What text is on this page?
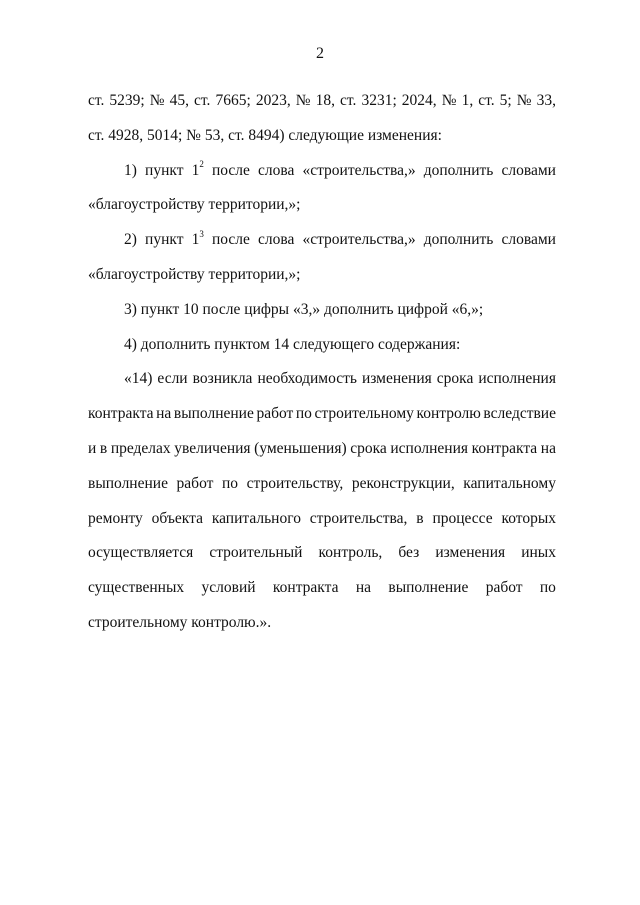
2
ст. 5239; № 45, ст. 7665; 2023, № 18, ст. 3231; 2024, № 1, ст. 5; № 33,
ст. 4928, 5014; № 53, ст. 8494) следующие изменения:
1) пункт $1^2$ после слова «строительства,» дополнить словами
«благоустройству территории,»;
2) пункт $1^3$ после слова «строительства,» дополнить словами
«благоустройству территории,»;
3) пункт 10 после цифры «3,» дополнить цифрой «6,»;
4) дополнить пунктом 14 следующего содержания:
«14) если возникла необходимость изменения срока исполнения
контракта на выполнение работ по строительному контролю вследствие
и в пределах увеличения (уменьшения) срока исполнения контракта на
выполнение работ по строительству, реконструкции, капитальному
ремонту объекта капитального строительства, в процессе которых
осуществляется строительный контроль, без изменения иных
существенных условий контракта на выполнение работ по
строительному контролю.».
